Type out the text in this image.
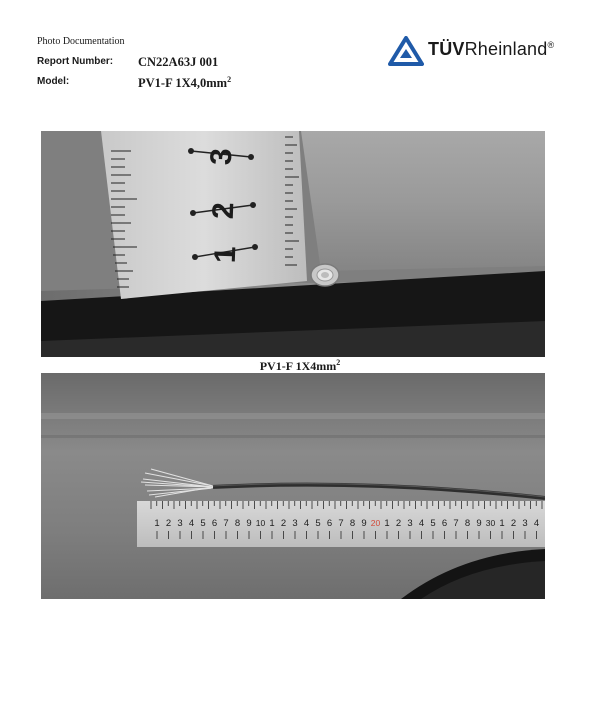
Photo Documentation
Report Number: CN22A63J 001
Model:	PV1-F $1X4,0mm^2$
TÜVRheinland®
3
2
1
PV1-F $1X4mm^2$
1 2 3 4 5 6 7 8 9 10 1 2 3 4 5 6 7 8 9 20 1 2 3 4 5 6 7 8 9 30 1 2 3 4
